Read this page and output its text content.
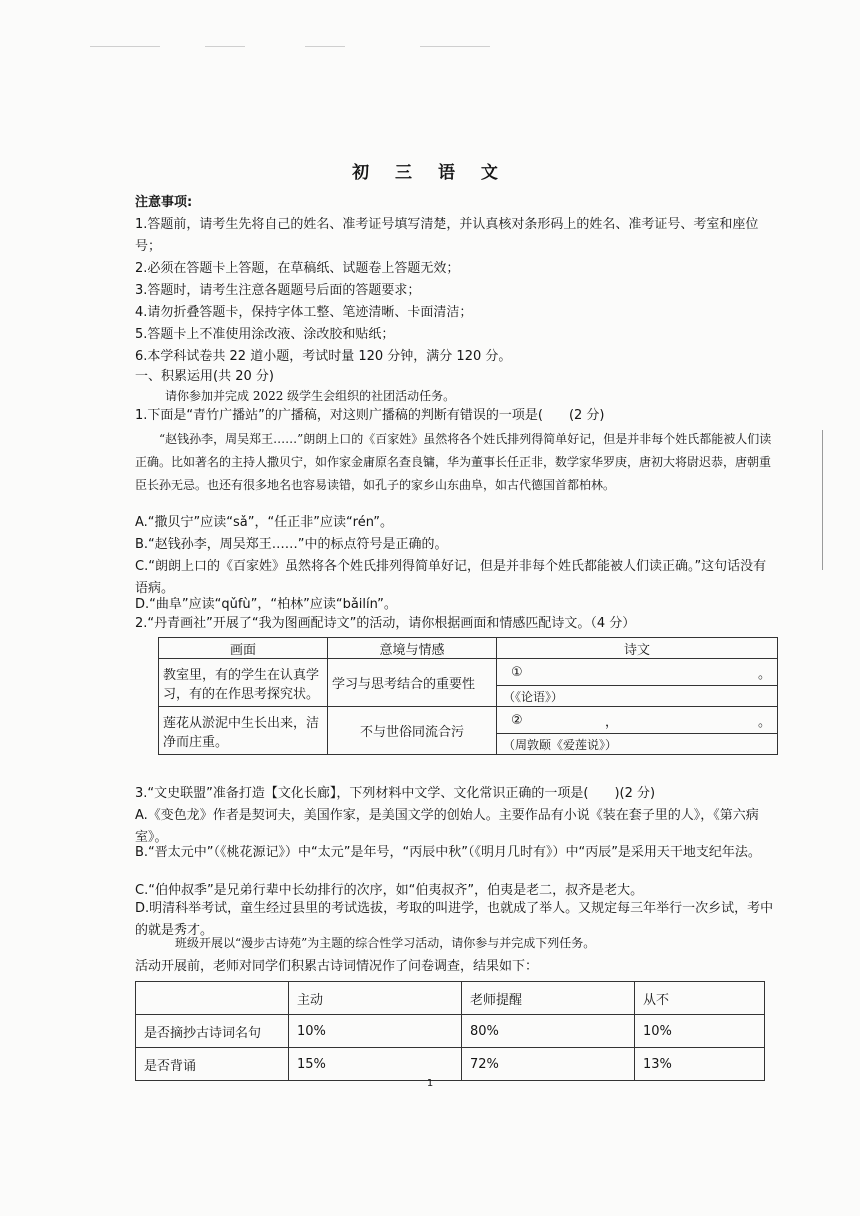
初 三 语 文

注意事项:

1.答题前，请考生先将自己的姓名、准考证号填写清楚，并认真核对条形码上的姓名、准考证号、考室和座位号；

2.必须在答题卡上答题，在草稿纸、试题卷上答题无效；

3.答题时，请考生注意各题题号后面的答题要求；

4.请勿折叠答题卡，保持字体工整、笔迹清晰、卡面清洁；

5.答题卡上不准使用涂改液、涂改胶和贴纸；

6.本学科试卷共 22 道小题，考试时量 120 分钟，满分 120 分。

一、积累运用(共 20 分)

请你参加并完成 2022 级学生会组织的社团活动任务。

1.下面是“青竹广播站”的广播稿，对这则广播稿的判断有错误的一项是(　　(2 分)

“赵钱孙李，周吴郑王……”朗朗上口的《百家姓》虽然将各个姓氏排列得简单好记，但是并非每个姓氏都能被人们读正确。比如著名的主持人撒贝宁，如作家金庸原名查良镛，华为董事长任正非，数学家华罗庚，唐初大将尉迟恭，唐朝重臣长孙无忌。也还有很多地名也容易读错，如孔子的家乡山东曲阜，如古代德国首都柏林。

A.“撒贝宁”应读“sǎ”，“任正非”应读“rén”。

B.“赵钱孙李，周吴郑王……”中的标点符号是正确的。

C.“朗朗上口的《百家姓》虽然将各个姓氏排列得简单好记，但是并非每个姓氏都能被人们读正确。”这句话没有语病。

D.“曲阜”应读“qǔfù”，“柏林”应读“bǎilín”。

2.“丹青画社”开展了“我为图画配诗文”的活动，请你根据画面和情感匹配诗文。（4 分）

画面	意境与情感	诗文
教室里，有的学生在认真学习，有的在作思考探究状。	学习与思考结合的重要性	① 。
（《论语》）

莲花从淤泥中生长出来，洁净而庄重。	不与世俗同流合污	② ， 。
（周敦颐《爱莲说》）

3.“文史联盟”准备打造【文化长廊】，下列材料中文学、文化常识正确的一项是(　　)(2 分)

A.《变色龙》作者是契诃夫，美国作家，是美国文学的创始人。主要作品有小说《装在套子里的人》，《第六病室》。

B.“晋太元中”（《桃花源记》）中“太元”是年号，“丙辰中秋”（《明月几时有》）中“丙辰”是采用天干地支纪年法。

C.“伯仲叔季”是兄弟行辈中长幼排行的次序，如“伯夷叔齐”，伯夷是老二，叔齐是老大。

D.明清科举考试，童生经过县里的考试选拔，考取的叫进学，也就成了举人。又规定每三年举行一次乡试，考中的就是秀才。

班级开展以“漫步古诗苑”为主题的综合性学习活动，请你参与并完成下列任务。

活动开展前，老师对同学们积累古诗词情况作了问卷调查，结果如下：

	主动	老师提醒	从不
是否摘抄古诗词名句	10%	80%	10%
是否背诵	15%	72%	13%
1
